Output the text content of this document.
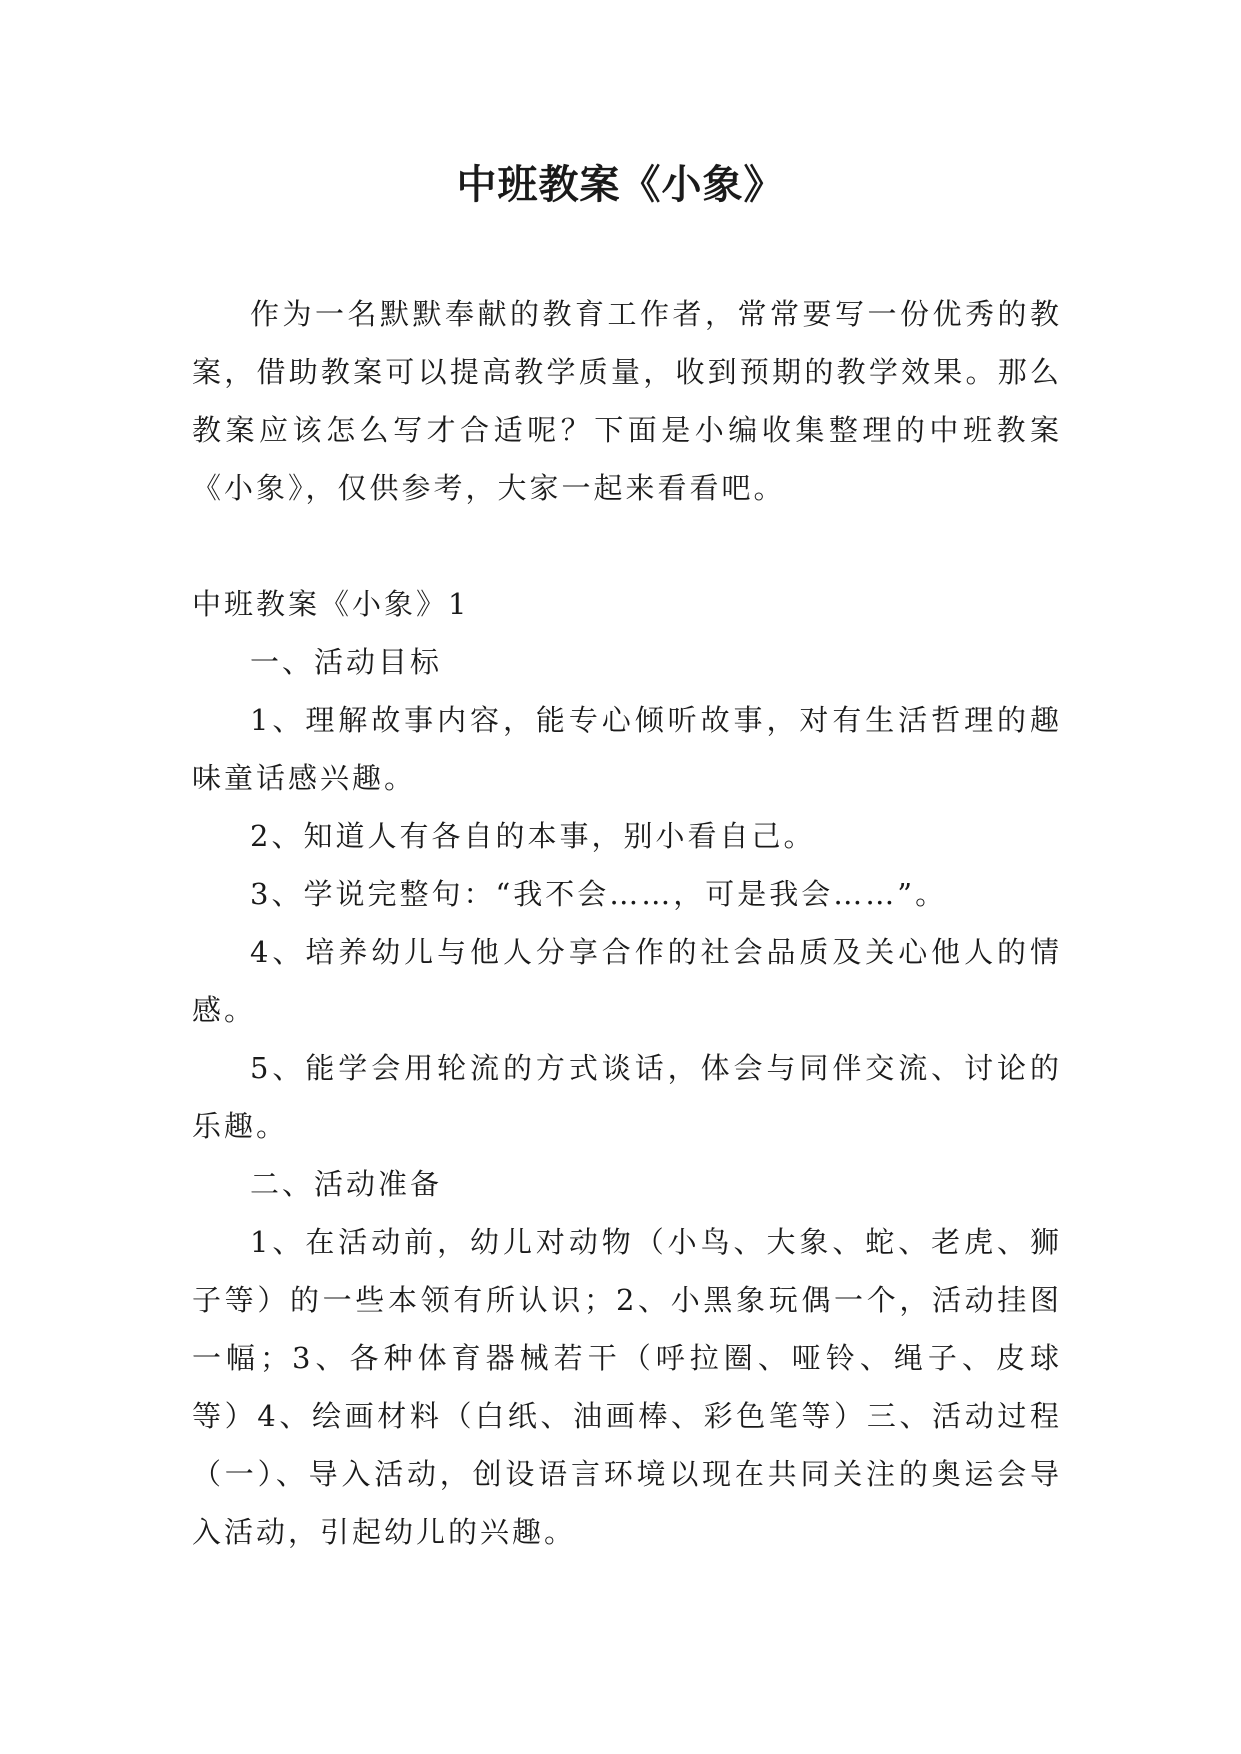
中班教案《小象》

作为一名默默奉献的教育工作者，常常要写一份优秀的教案，借助教案可以提高教学质量，收到预期的教学效果。那么教案应该怎么写才合适呢？下面是小编收集整理的中班教案《小象》，仅供参考，大家一起来看看吧。

中班教案《小象》1

一、活动目标

1、理解故事内容，能专心倾听故事，对有生活哲理的趣味童话感兴趣。

2、知道人有各自的本事，别小看自己。

3、学说完整句：“我不会……，可是我会……”。

4、培养幼儿与他人分享合作的社会品质及关心他人的情感。

5、能学会用轮流的方式谈话，体会与同伴交流、讨论的乐趣。

二、活动准备

1、在活动前，幼儿对动物（小鸟、大象、蛇、老虎、狮子等）的一些本领有所认识；2、小黑象玩偶一个，活动挂图一幅；3、各种体育器械若干（呼拉圈、哑铃、绳子、皮球等）4、绘画材料（白纸、油画棒、彩色笔等）三、活动过程（一）、导入活动，创设语言环境以现在共同关注的奥运会导入活动，引起幼儿的兴趣。
